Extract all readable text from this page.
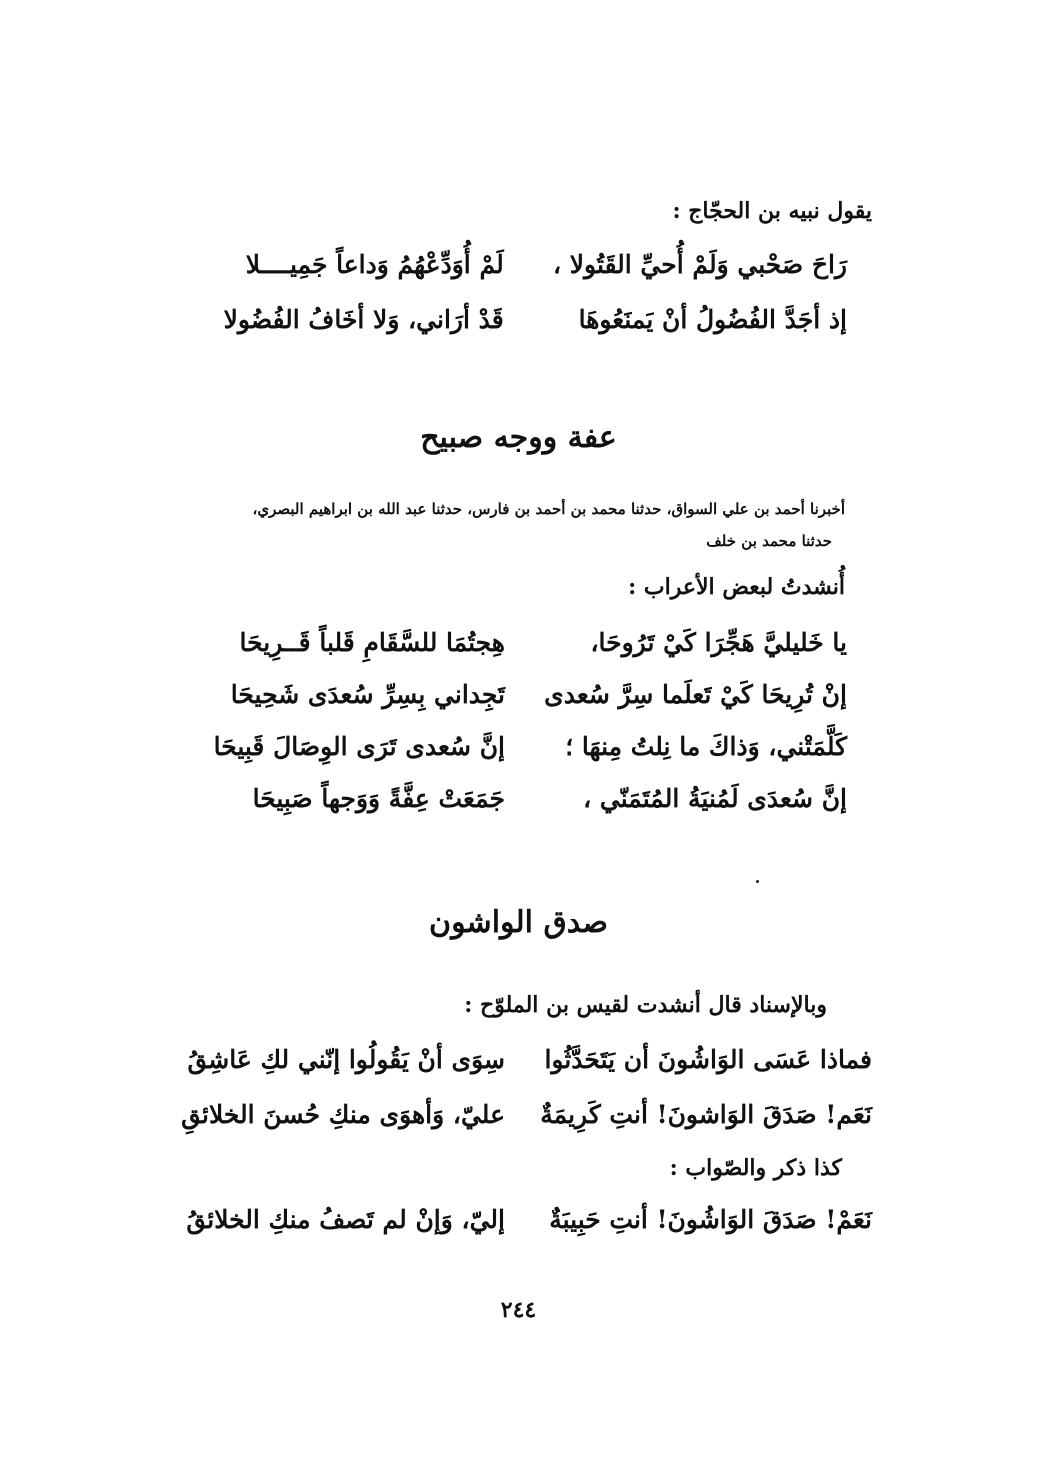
يقول نبيه بن الحجّاج :
رَاحَ صَحْبي وَلَمْ أُحيِّ القَتُولا ،
لَمْ أُوَدِّعْهُمُ وَداعاً جَمِيــــلا
إذ أجَدَّ الفُضُولُ أنْ يَمنَعُوهَا
قَدْ أرَاني، وَلا أخَافُ الفُضُولا
عفة ووجه صبيح
أخبرنا أحمد بن علي السواق، حدثنا محمد بن أحمد بن فارس، حدثنا عبد الله بن ابراهيم البصري،
حدثنا محمد بن خلف
أُنشدتُ لبعض الأعراب :
يا خَليليَّ هَجِّرَا كَيْ تَرُوحَا،
هِجتُمَا للسَّقَامِ قَلباً قَــرِيحَا
إنْ تُرِيحَا كَيْ تَعلَما سِرَّ سُعدى
تَجِداني بِسِرِّ سُعدَى شَحِيحَا
كَلَّمَتْني، وَذاكَ ما نِلتُ مِنهَا ؛
إنَّ سُعدى تَرَى الوِصَالَ قَبِيحَا
إنَّ سُعدَى لَمُنيَةُ المُتَمَنّي ،
جَمَعَتْ عِفَّةً وَوَجهاً صَبِيحَا
صدق الواشون
وبالإسناد قال أنشدت لقيس بن الملوّح :
فماذا عَسَى الوَاشُونَ أن يَتَحَدَّثُوا
سِوَى أنْ يَقُولُوا إنّني لكِ عَاشِقُ
نَعَم! صَدَقَ الوَاشونَ! أنتِ كَرِيمَةٌ
عليّ، وَأهوَى منكِ حُسنَ الخلائقِ
كذا ذكر والصّواب :
نَعَمْ! صَدَقَ الوَاشُونَ! أنتِ حَبِيبَةٌ
إليّ، وَإنْ لم تَصفُ منكِ الخلائقُ
٢٤٤
